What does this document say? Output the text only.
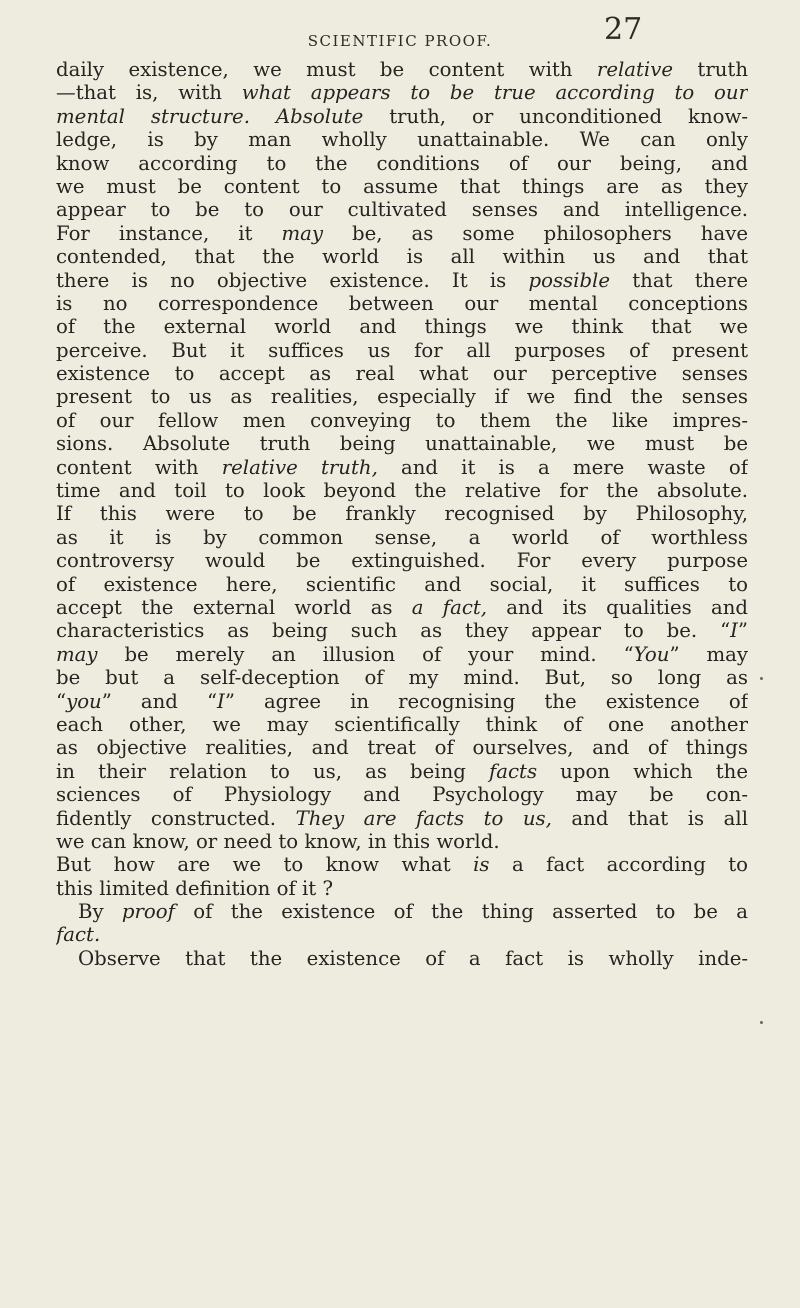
SCIENTIFIC PROOF.	27
daily existence, we must be content with relative truth
—that is, with what appears to be true according to our
mental structure. Absolute truth, or unconditioned know-
ledge, is by man wholly unattainable. We can only
know according to the conditions of our being, and
we must be content to assume that things are as they
appear to be to our cultivated senses and intelligence.
For instance, it may be, as some philosophers have
contended, that the world is all within us and that
there is no objective existence. It is possible that there
is no correspondence between our mental conceptions
of the external world and things we think that we
perceive. But it suffices us for all purposes of present
existence to accept as real what our perceptive senses
present to us as realities, especially if we find the senses
of our fellow men conveying to them the like impres-
sions. Absolute truth being unattainable, we must be
content with relative truth, and it is a mere waste of
time and toil to look beyond the relative for the absolute.
If this were to be frankly recognised by Philosophy,
as it is by common sense, a world of worthless
controversy would be extinguished. For every purpose
of existence here, scientific and social, it suffices to
accept the external world as a fact, and its qualities and
characteristics as being such as they appear to be. “I”
may be merely an illusion of your mind. “You” may
be but a self-deception of my mind. But, so long as
“you” and “I” agree in recognising the existence of
each other, we may scientifically think of one another
as objective realities, and treat of ourselves, and of things
in their relation to us, as being facts upon which the
sciences of Physiology and Psychology may be con-
fidently constructed. They are facts to us, and that is all
we can know, or need to know, in this world.
But how are we to know what is a fact according to
this limited definition of it ?
By proof of the existence of the thing asserted to be a
fact.
Observe that the existence of a fact is wholly inde-
